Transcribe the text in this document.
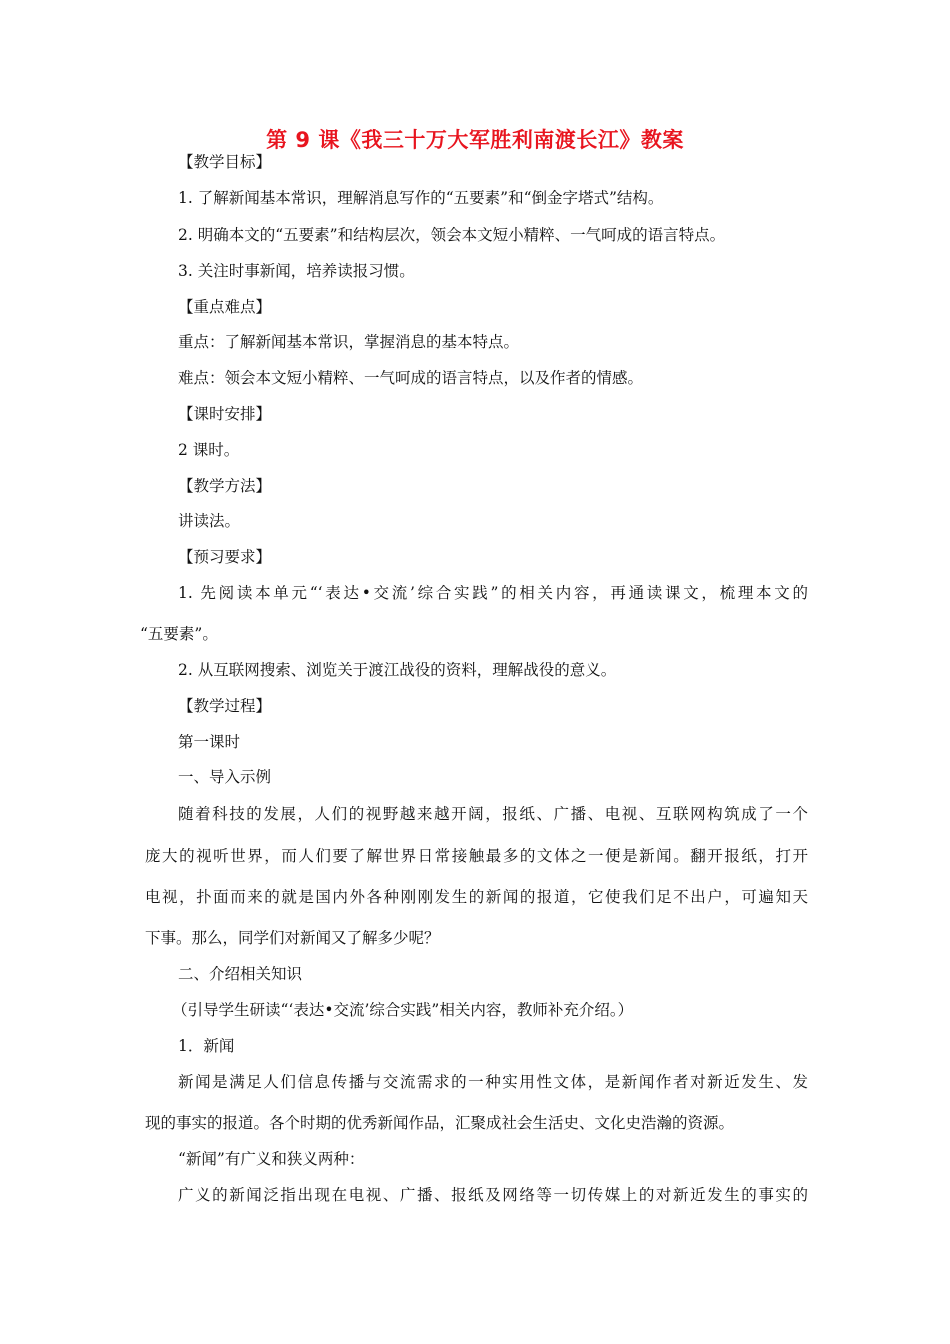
第 9 课《我三十万大军胜利南渡长江》教案
【教学目标】
1. 了解新闻基本常识，理解消息写作的“五要素”和“倒金字塔式”结构。
2. 明确本文的“五要素”和结构层次，领会本文短小精粹、一气呵成的语言特点。
3. 关注时事新闻，培养读报习惯。
【重点难点】
重点：了解新闻基本常识，掌握消息的基本特点。
难点：领会本文短小精粹、一气呵成的语言特点，以及作者的情感。
【课时安排】
2 课时。
【教学方法】
讲读法。
【预习要求】
1. 先阅读本单元“‘表达•交流’综合实践”的相关内容，再通读课文，梳理本文的
“五要素”。
2. 从互联网搜索、浏览关于渡江战役的资料，理解战役的意义。
【教学过程】
第一课时
一、导入示例
随着科技的发展，人们的视野越来越开阔，报纸、广播、电视、互联网构筑成了一个
庞大的视听世界，而人们要了解世界日常接触最多的文体之一便是新闻。翻开报纸，打开
电视，扑面而来的就是国内外各种刚刚发生的新闻的报道，它使我们足不出户，可遍知天
下事。那么，同学们对新闻又了解多少呢？
二、介绍相关知识
（引导学生研读“‘表达•交流’综合实践”相关内容，教师补充介绍。）
1．新闻
新闻是满足人们信息传播与交流需求的一种实用性文体，是新闻作者对新近发生、发
现的事实的报道。各个时期的优秀新闻作品，汇聚成社会生活史、文化史浩瀚的资源。
“新闻”有广义和狭义两种：
广义的新闻泛指出现在电视、广播、报纸及网络等一切传媒上的对新近发生的事实的
